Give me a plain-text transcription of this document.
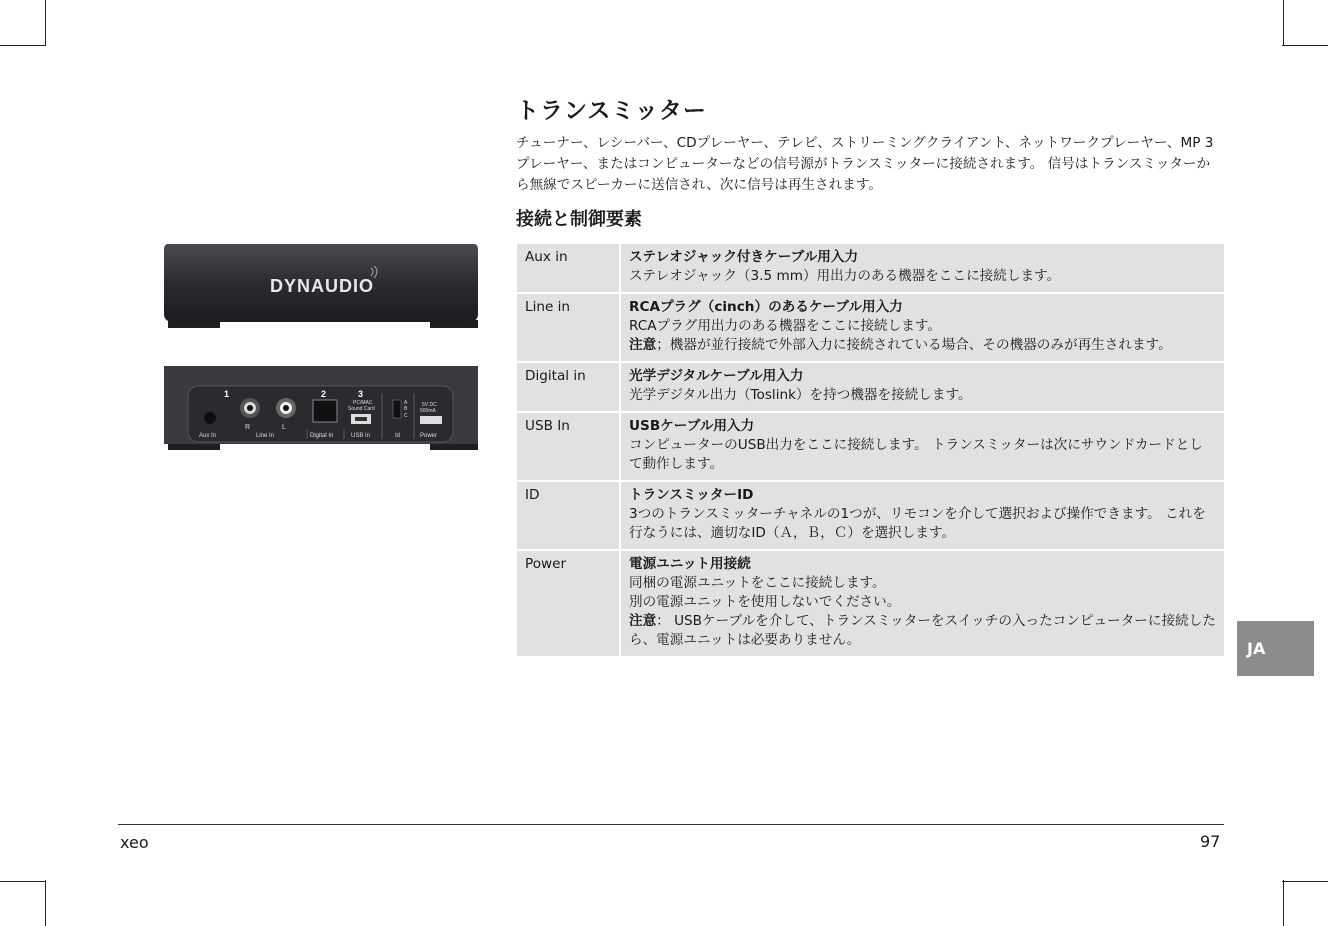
DYNAUDIO
1	2	3
R	L
PC/MAC
Sound Card
A
B
C
5V DC
500mA
Aux In	Line In	Digital In	USB In	Id	Power
トランスミッター

チューナー、レシーバー、CDプレーヤー、テレビ、ストリーミングクライアント、ネットワークプレーヤー、MP 3 プレーヤー、またはコンピューターなどの信号源がトランスミッターに接続されます。 信号はトランスミッターから無線でスピーカーに送信され、次に信号は再生されます。

接続と制御要素
Aux in		ステレオジャック付きケーブル用入力
ステレオジャック（3.5 mm）用出力のある機器をここに接続します。

Line in		RCAプラグ（cinch）のあるケーブル用入力
RCAプラグ用出力のある機器をここに接続します。
注意；機器が並行接続で外部入力に接続されている場合、その機器のみが再生されます。

Digital in		光学デジタルケーブル用入力
光学デジタル出力（Toslink）を持つ機器を接続します。

USB In		USBケーブル用入力
コンピューターのUSB出力をここに接続します。 トランスミッターは次にサウンドカードとして動作します。

ID		トランスミッターID
3つのトランスミッターチャネルの1つが、リモコンを介して選択および操作できます。 これを行なうには、適切なID（Ａ，Ｂ，Ｃ）を選択します。

Power		電源ユニット用接続
同梱の電源ユニットをここに接続します。
別の電源ユニットを使用しないでください。
注意： USBケーブルを介して、トランスミッターをスイッチの入ったコンピューターに接続したら、電源ユニットは必要ありません。	JA
xeo	97
